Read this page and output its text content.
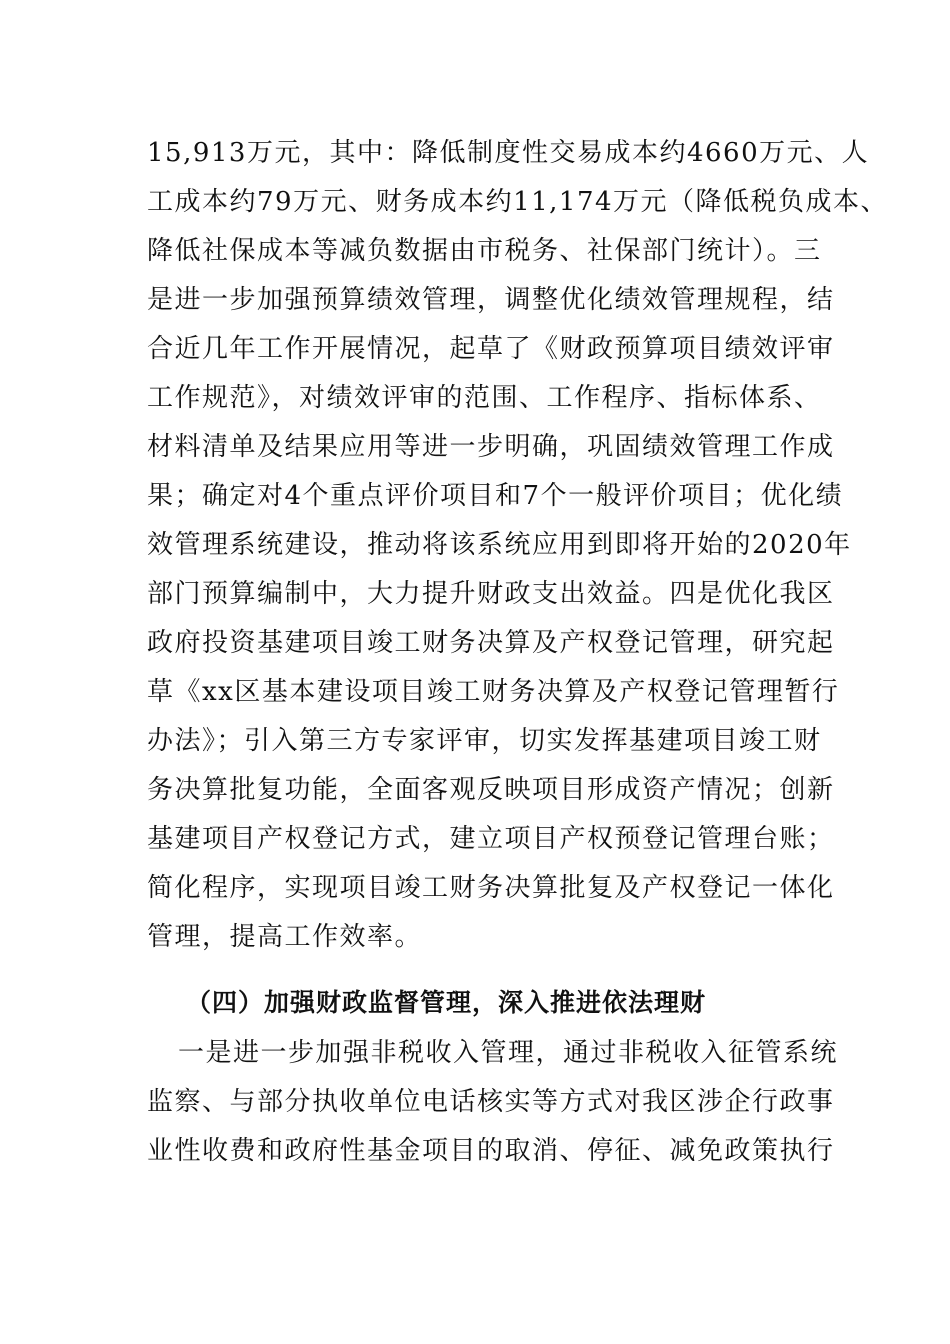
15,913万元，其中：降低制度性交易成本约4660万元、人
工成本约79万元、财务成本约11,174万元（降低税负成本、
降低社保成本等减负数据由市税务、社保部门统计）。三
是进一步加强预算绩效管理，调整优化绩效管理规程，结
合近几年工作开展情况，起草了《财政预算项目绩效评审
工作规范》，对绩效评审的范围、工作程序、指标体系、
材料清单及结果应用等进一步明确，巩固绩效管理工作成
果；确定对4个重点评价项目和7个一般评价项目；优化绩
效管理系统建设，推动将该系统应用到即将开始的2020年
部门预算编制中，大力提升财政支出效益。四是优化我区
政府投资基建项目竣工财务决算及产权登记管理，研究起
草《xx区基本建设项目竣工财务决算及产权登记管理暂行
办法》；引入第三方专家评审，切实发挥基建项目竣工财
务决算批复功能，全面客观反映项目形成资产情况；创新
基建项目产权登记方式，建立项目产权预登记管理台账；
简化程序，实现项目竣工财务决算批复及产权登记一体化
管理，提高工作效率。
（四）加强财政监督管理，深入推进依法理财
一是进一步加强非税收入管理，通过非税收入征管系统
监察、与部分执收单位电话核实等方式对我区涉企行政事
业性收费和政府性基金项目的取消、停征、减免政策执行
